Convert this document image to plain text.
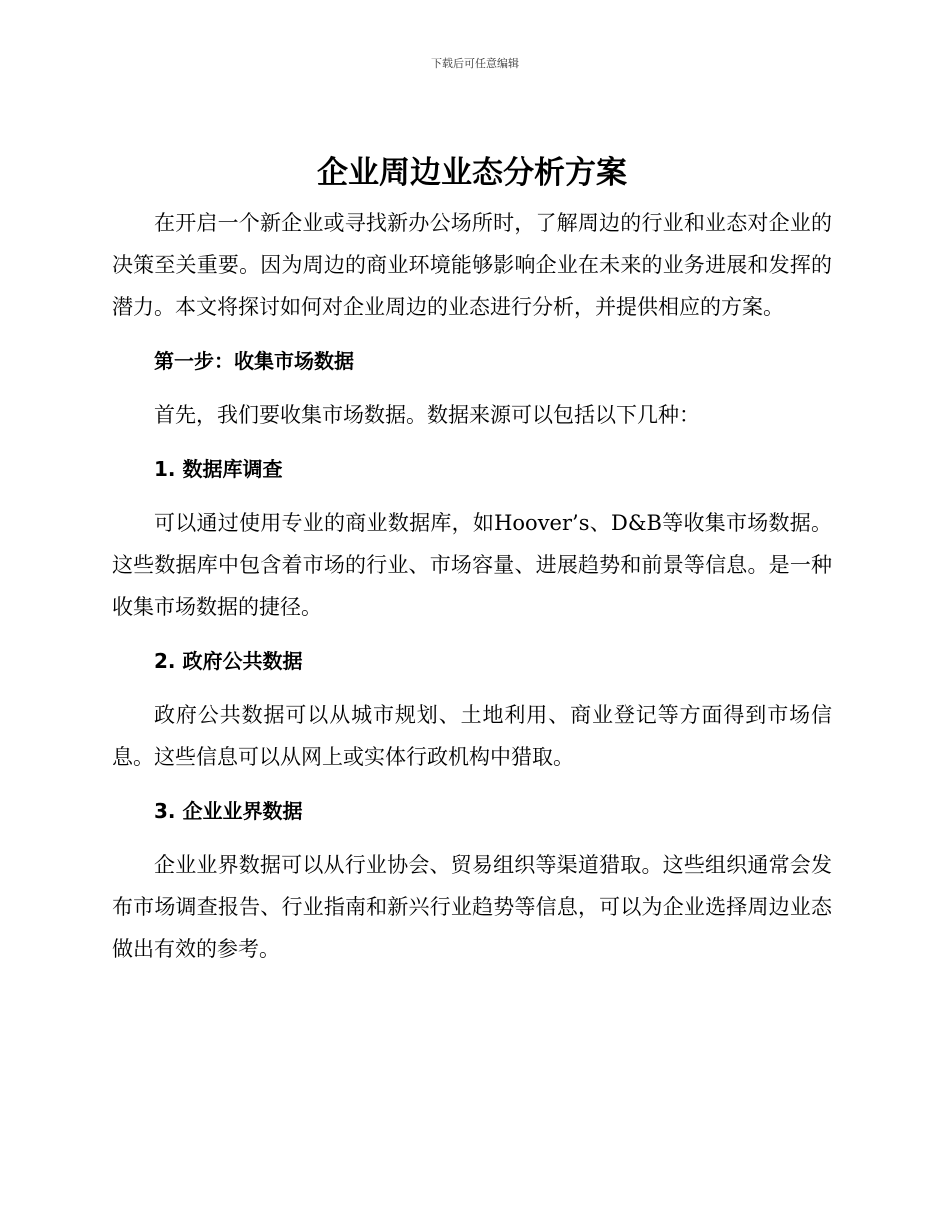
下载后可任意编辑
企业周边业态分析方案

在开启一个新企业或寻找新办公场所时，了解周边的行业和业态对企业的决策至关重要。因为周边的商业环境能够影响企业在未来的业务进展和发挥的潜力。本文将探讨如何对企业周边的业态进行分析，并提供相应的方案。

第一步：收集市场数据

首先，我们要收集市场数据。数据来源可以包括以下几种：

1. 数据库调查

可以通过使用专业的商业数据库，如Hoover’s、D&B等收集市场数据。这些数据库中包含着市场的行业、市场容量、进展趋势和前景等信息。是一种收集市场数据的捷径。

2. 政府公共数据

政府公共数据可以从城市规划、土地利用、商业登记等方面得到市场信息。这些信息可以从网上或实体行政机构中猎取。

3. 企业业界数据

企业业界数据可以从行业协会、贸易组织等渠道猎取。这些组织通常会发布市场调查报告、行业指南和新兴行业趋势等信息，可以为企业选择周边业态做出有效的参考。
